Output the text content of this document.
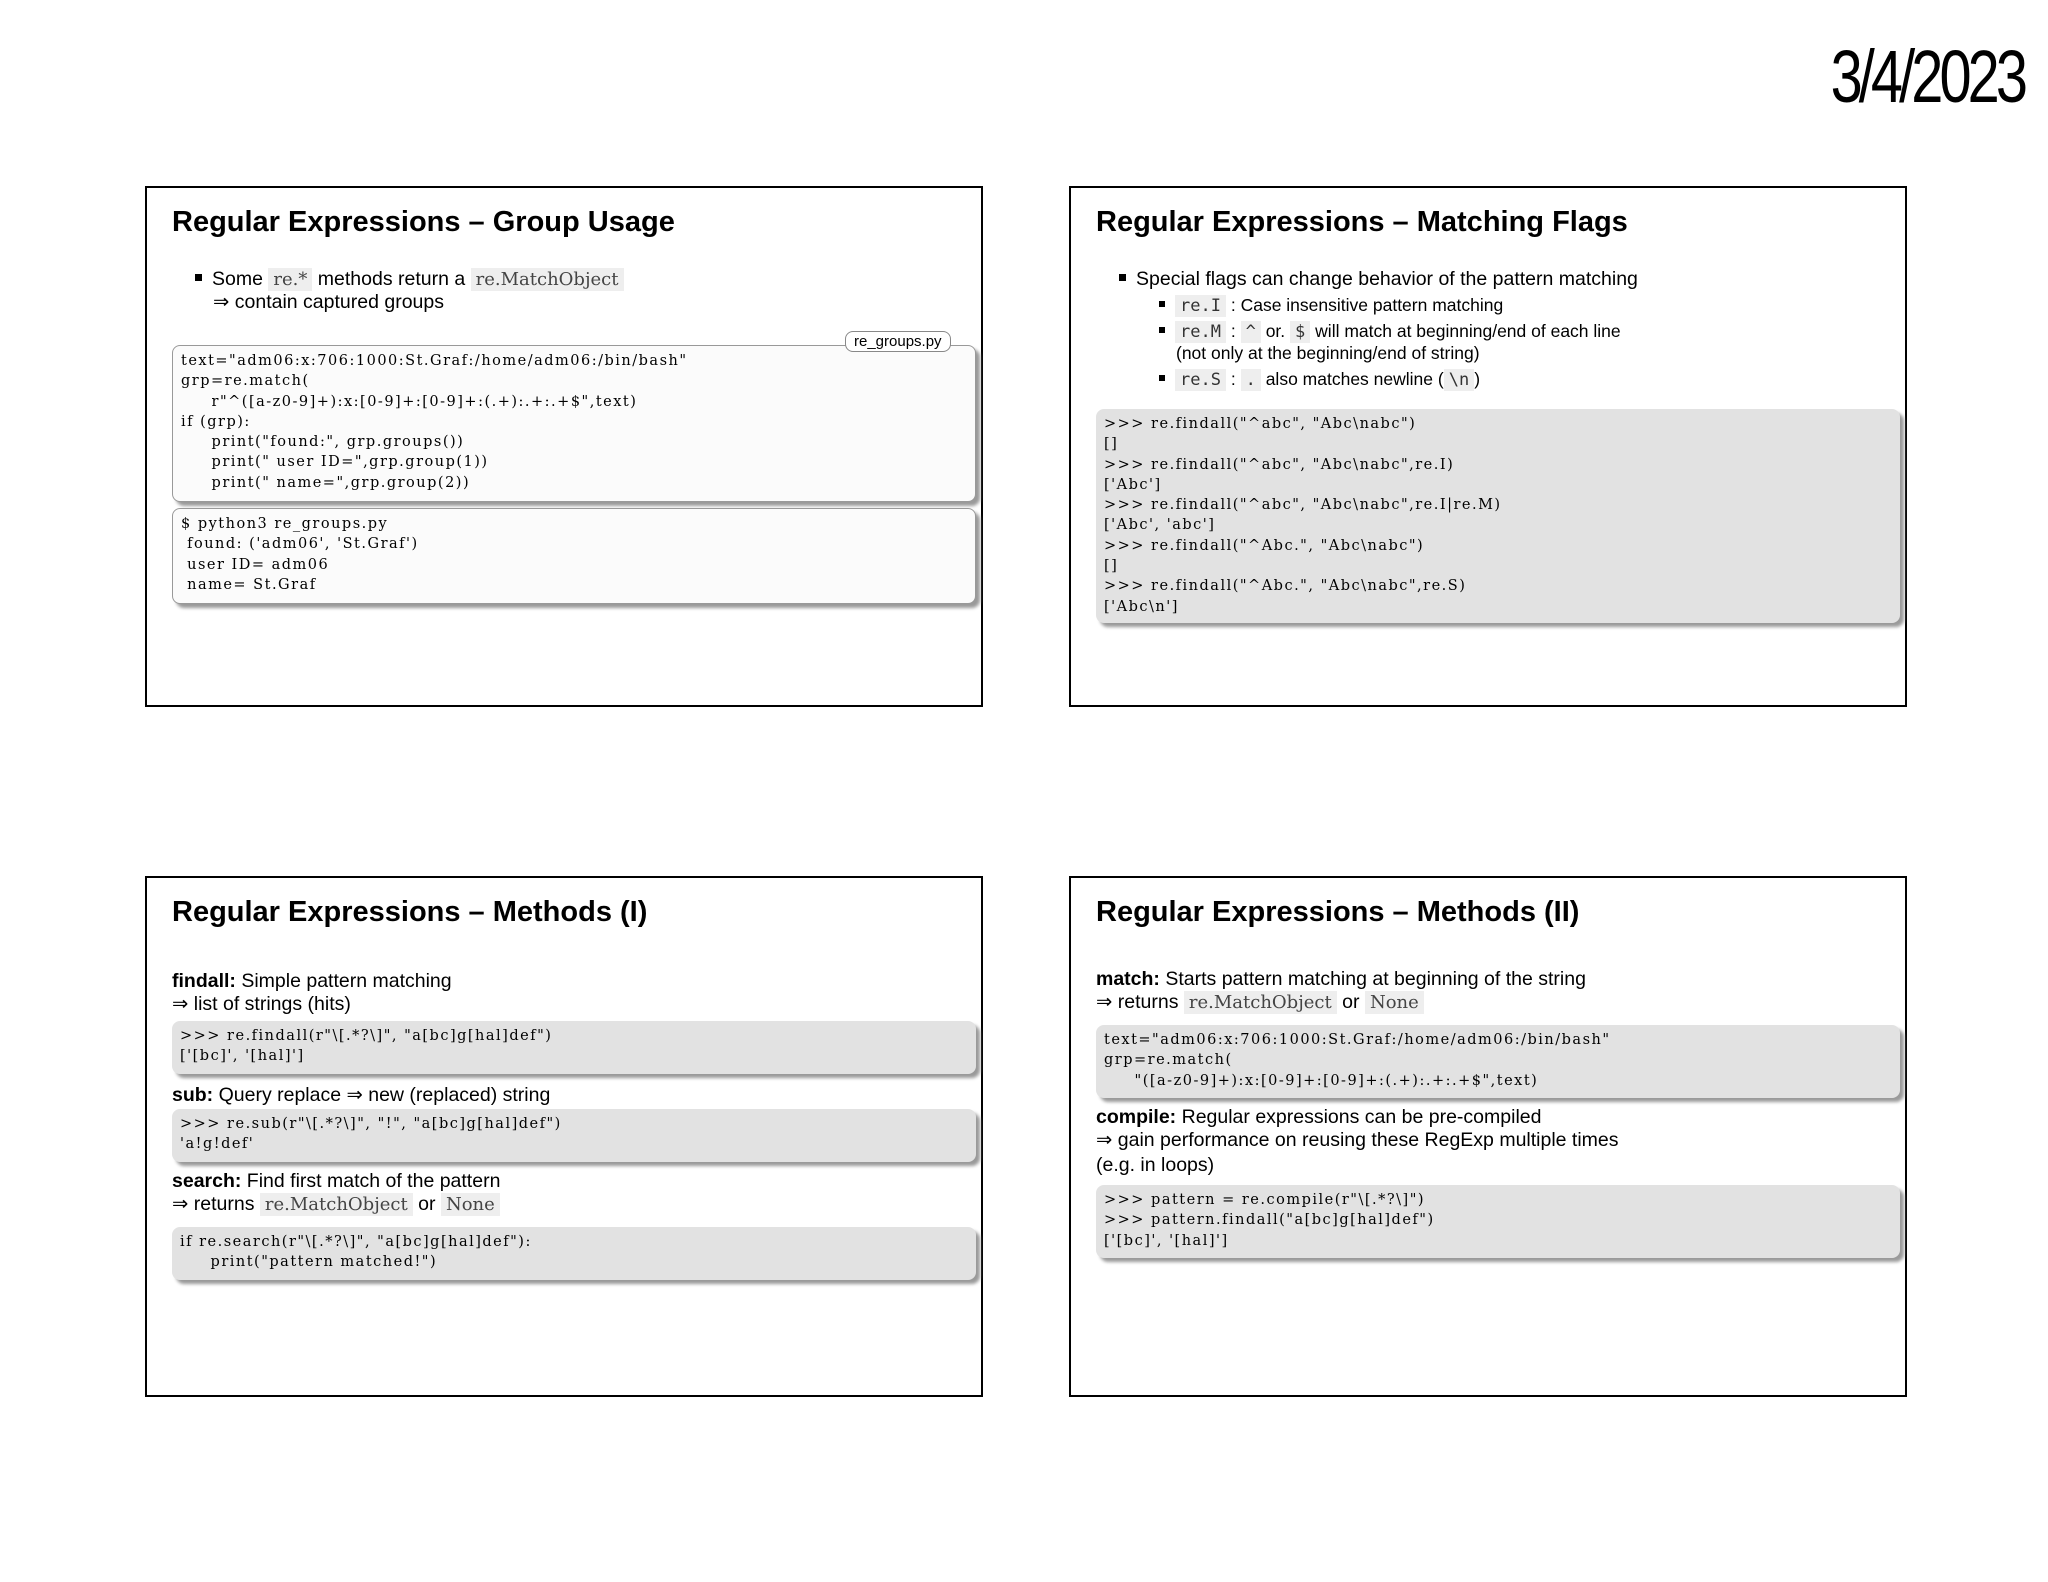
3/4/2023
Regular Expressions – Group Usage
Some re.* methods return a re.MatchObject
⇒ contain captured groups
text="adm06:x:706:1000:St.Graf:/home/adm06:/bin/bash"
grp=re.match(
r"^([a-z0-9]+):x:[0-9]+:[0-9]+:(.+):.+:.+$",text)
if (grp):
print("found:", grp.groups())
print(" user ID=",grp.group(1))
print(" name=",grp.group(2))
re_groups.py
$ python3 re_groups.py
found: ('adm06', 'St.Graf')
user ID= adm06
name= St.Graf
Regular Expressions – Matching Flags
Special flags can change behavior of the pattern matching
re.I : Case insensitive pattern matching
re.M : ^ or. $ will match at beginning/end of each line
(not only at the beginning/end of string)
re.S : . also matches newline ( \n )
>>> re.findall("^abc", "Abc\nabc")
[]
>>> re.findall("^abc", "Abc\nabc",re.I)
['Abc']
>>> re.findall("^abc", "Abc\nabc",re.I|re.M)
['Abc', 'abc']
>>> re.findall("^Abc.", "Abc\nabc")
[]
>>> re.findall("^Abc.", "Abc\nabc",re.S)
['Abc\n']
Regular Expressions – Methods (I)
findall: Simple pattern matching
⇒ list of strings (hits)
>>> re.findall(r"\[.*?\]", "a[bc]g[hal]def")
['[bc]', '[hal]']
sub: Query replace ⇒ new (replaced) string
>>> re.sub(r"\[.*?\]", "!", "a[bc]g[hal]def")
'a!g!def'
search: Find first match of the pattern
⇒ returns re.MatchObject or None
if re.search(r"\[.*?\]", "a[bc]g[hal]def"):
print("pattern matched!")
Regular Expressions – Methods (II)
match: Starts pattern matching at beginning of the string
⇒ returns re.MatchObject or None
text="adm06:x:706:1000:St.Graf:/home/adm06:/bin/bash"
grp=re.match(
"([a-z0-9]+):x:[0-9]+:[0-9]+:(.+):.+:.+$",text)
compile: Regular expressions can be pre-compiled
⇒ gain performance on reusing these RegExp multiple times
(e.g. in loops)
>>> pattern = re.compile(r"\[.*?\]")
>>> pattern.findall("a[bc]g[hal]def")
['[bc]', '[hal]']
